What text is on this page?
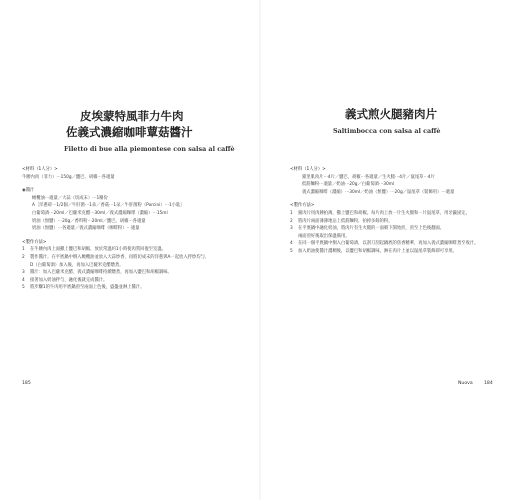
皮埃蒙特風菲力牛肉
佐義式濃縮咖啡蕈菇醬汁
Filetto di bue alla piemontese con salsa al caffè
<材料（1人分）>
牛腰內肉（菲力）⋯150g／鹽巴、胡椒⋯各適量
◉醬汁
橄欖油⋯適量／大蒜（切成末）⋯1瓣份
A［洋蔥碎⋯1/2個／牛肝菌⋯1朵／香菇⋯1朵／牛肝菌粉（Porcini）⋯1小匙］
白葡萄酒⋯20ml／巴薩米克醋⋯30ml／義式濃縮咖啡（濃縮）⋯15ml
奶油（無鹽）⋯20g／香料粉⋯20ml／鹽巴、胡椒⋯各適量
奶油（無鹽）⋯各適量／義式濃縮咖啡（咖啡粉）⋯適量
<製作方法>
1	在牛腰內肉上面撒上鹽巴和胡椒，放於常溫約1小時使肉質回復至室溫。
2	製作醬汁。在平底鍋中倒入橄欖油並放入大蒜炒香，再將切成末的洋蔥與A一起放入拌炒均勻，
D（白葡萄酒）加入後，再加入巴薩米克醋燉煮。
3	醬汁：加入巴薩米克醋、義式濃縮咖啡持續燉煮，再加入鹽巴和胡椒調味。
4	接著加入奶油拌勻，融化後就完成醬汁。
5	將步驟1的牛肉用平底鍋煎至兩面上色後，盛盤並淋上醬汁。
185
義式煎火腿豬肉片
Saltimbocca con salsa al caffè
<材料（1人分）>
豬里肌肉片⋯4片／鹽巴、胡椒⋯各適量／生火腿⋯4片／鼠尾草⋯4片
低筋麵粉⋯適量／奶油⋯20g／白葡萄酒⋯30ml
義式濃縮咖啡（濃縮）⋯30ml／奶油（無鹽）⋯20g／鼠尾草（裝飾用）⋯適量
<製作方法>
1	豬肉片用肉錘拍薄，撒上鹽巴和胡椒。每片肉上放一片生火腿和一片鼠尾草，用牙籤固定。
2	將肉片兩面薄薄地沾上低筋麵粉，拍掉多餘的粉。
3	在平底鍋中融化奶油，將肉片有生火腿的一面朝下開始煎，煎至上色後翻面。
兩面煎好後取出保溫備用。
4	在同一個平底鍋中倒入白葡萄酒，以刮刀刮起鍋底的焦香精華，再加入義式濃縮咖啡煮至收汁。
5	加入奶油使醬汁濃稠後，以鹽巴和胡椒調味，淋在肉片上並以鼠尾草裝飾即可享用。
Nuova 184
